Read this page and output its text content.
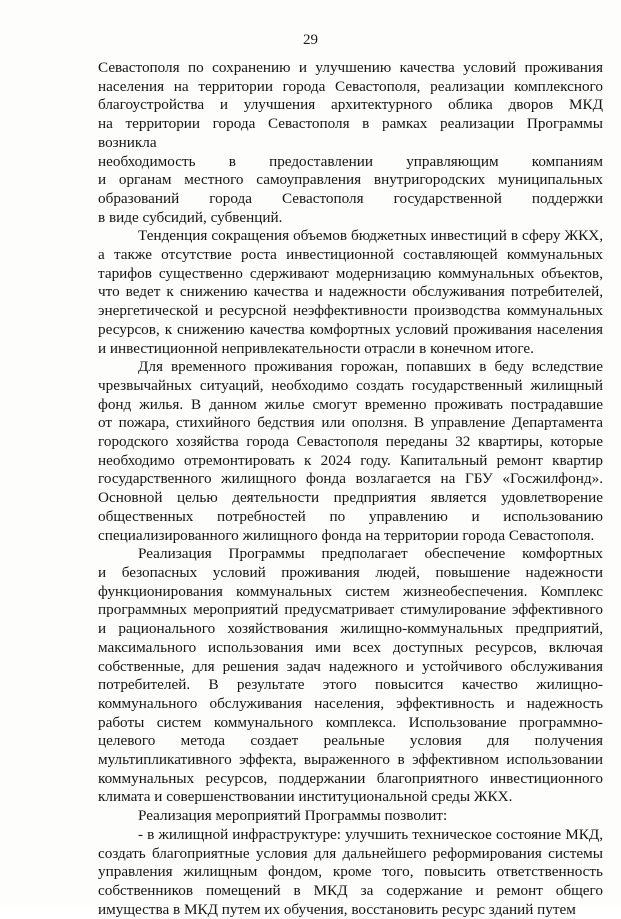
29
Севастополя по сохранению и улучшению качества условий проживания
населения на территории города Севастополя, реализации комплексного
благоустройства и улучшения архитектурного облика дворов МКД
на территории города Севастополя в рамках реализации Программы возникла
необходимость в предоставлении управляющим компаниям
и органам местного самоуправления внутригородских муниципальных
образований города Севастополя государственной поддержки
в виде субсидий, субвенций.
Тенденция сокращения объемов бюджетных инвестиций в сферу ЖКХ,
а также отсутствие роста инвестиционной составляющей коммунальных
тарифов существенно сдерживают модернизацию коммунальных объектов,
что ведет к снижению качества и надежности обслуживания потребителей,
энергетической и ресурсной неэффективности производства коммунальных
ресурсов, к снижению качества комфортных условий проживания населения
и инвестиционной непривлекательности отрасли в конечном итоге.
Для временного проживания горожан, попавших в беду вследствие
чрезвычайных ситуаций, необходимо создать государственный жилищный
фонд жилья. В данном жилье смогут временно проживать пострадавшие
от пожара, стихийного бедствия или оползня. В управление Департамента
городского хозяйства города Севастополя переданы 32 квартиры, которые
необходимо отремонтировать к 2024 году. Капитальный ремонт квартир
государственного жилищного фонда возлагается на ГБУ «Госжилфонд».
Основной целью деятельности предприятия является удовлетворение
общественных потребностей по управлению и использованию
специализированного жилищного фонда на территории города Севастополя.
Реализация Программы предполагает обеспечение комфортных
и безопасных условий проживания людей, повышение надежности
функционирования коммунальных систем жизнеобеспечения. Комплекс
программных мероприятий предусматривает стимулирование эффективного
и рационального хозяйствования жилищно-коммунальных предприятий,
максимального использования ими всех доступных ресурсов, включая
собственные, для решения задач надежного и устойчивого обслуживания
потребителей. В результате этого повысится качество жилищно-
коммунального обслуживания населения, эффективность и надежность
работы систем коммунального комплекса. Использование программно-
целевого метода создает реальные условия для получения
мультипликативного эффекта, выраженного в эффективном использовании
коммунальных ресурсов, поддержании благоприятного инвестиционного
климата и совершенствовании институциональной среды ЖКХ.
Реализация мероприятий Программы позволит:
- в жилищной инфраструктуре: улучшить техническое состояние МКД,
создать благоприятные условия для дальнейшего реформирования системы
управления жилищным фондом, кроме того, повысить ответственность
собственников помещений в МКД за содержание и ремонт общего
имущества в МКД путем их обучения, восстановить ресурс зданий путем
